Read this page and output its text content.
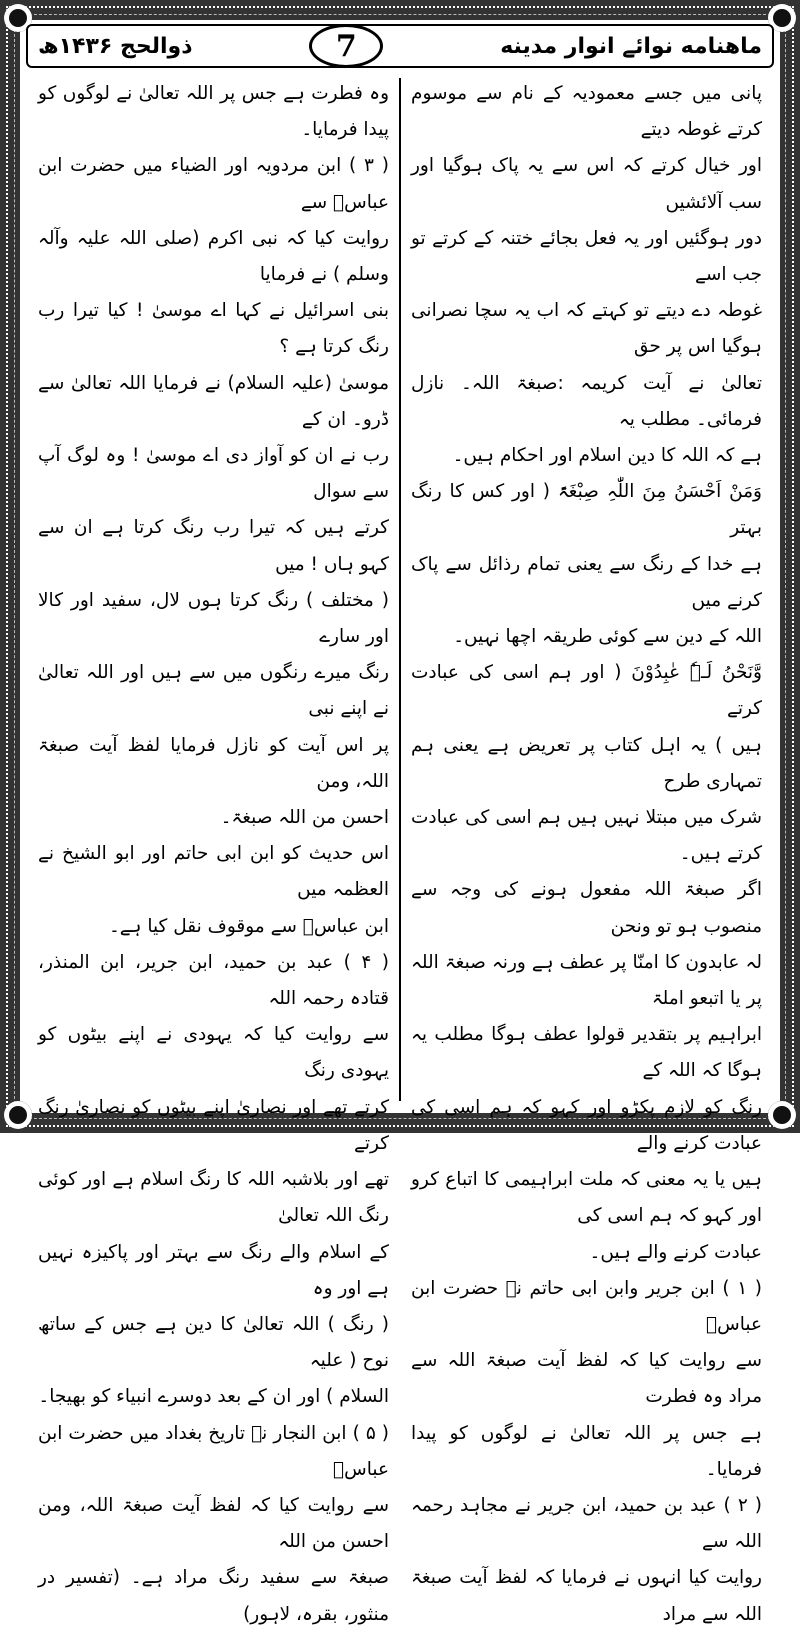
ذوالحج ۱۴۳۶ھ	7	ماهنامه نوائے انوار مدینه

وہ فطرت ہے جس پر اللہ تعالیٰ نے لوگوں کو پیدا فرمایا۔

( ۳ ) ابن مردویہ اور الضیاء میں حضرت ابن عباسؓ سے

روایت کیا کہ نبی اکرم (صلی اللہ علیہ وآلہ وسلم ) نے فرمایا

بنی اسرائیل نے کہا اے موسیٰ ! کیا تیرا رب رنگ کرتا ہے ؟

موسیٰ (علیہ السلام) نے فرمایا اللہ تعالیٰ سے ڈرو۔ ان کے

رب نے ان کو آواز دی اے موسیٰ ! وہ لوگ آپ سے سوال

کرتے ہیں کہ تیرا رب رنگ کرتا ہے ان سے کہو ہاں ! میں

( مختلف ) رنگ کرتا ہوں لال، سفید اور کالا اور سارے

رنگ میرے رنگوں میں سے ہیں اور اللہ تعالیٰ نے اپنے نبی

پر اس آیت کو نازل فرمایا لفظ آیت صبغۃ اللہ، ومن

احسن من اللہ صبغۃ۔

اس حدیث کو ابن ابی حاتم اور ابو الشیخ نے العظمہ میں

ابن عباسؓ سے موقوف نقل کیا ہے۔

( ۴ ) عبد بن حمید، ابن جریر، ابن المنذر، قتادہ رحمہ اللہ

سے روایت کیا کہ یہودی نے اپنے بیٹوں کو یہودی رنگ

کرتے تھے اور نصاریٰ اپنے بیٹوں کو نصاریٰ رنگ کرتے

تھے اور بلاشبہ اللہ کا رنگ اسلام ہے اور کوئی رنگ اللہ تعالیٰ

کے اسلام والے رنگ سے بہتر اور پاکیزہ نہیں ہے اور وہ

( رنگ ) اللہ تعالیٰ کا دین ہے جس کے ساتھ نوح ( علیہ

السلام ) اور ان کے بعد دوسرے انبیاء کو بھیجا۔

( ۵ ) ابن النجار نے تاریخ بغداد میں حضرت ابن عباسؓ

سے روایت کیا کہ لفظ آیت صبغۃ اللہ، ومن احسن من اللہ

صبغۃ سے سفید رنگ مراد ہے۔ (تفسیر در منثور، بقرہ، لاہور)

پانی میں جسے معمودیہ کے نام سے موسوم کرتے غوطہ دیتے

اور خیال کرتے کہ اس سے یہ پاک ہوگیا اور سب آلائشیں

دور ہوگئیں اور یہ فعل بجائے ختنہ کے کرتے تو جب اسے

غوطہ دے دیتے تو کہتے کہ اب یہ سچا نصرانی ہوگیا اس پر حق

تعالیٰ نے آیت کریمہ :صبغۃ اللہ۔ نازل فرمائی۔ مطلب یہ

ہے کہ اللہ کا دین اسلام اور احکام ہیں۔

وَمَنْ اَحْسَنُ مِنَ اللّٰہِ صِبْغَۃً ( اور کس کا رنگ بہتر

ہے خدا کے رنگ سے یعنی تمام رذائل سے پاک کرنے میں

اللہ کے دین سے کوئی طریقہ اچھا نہیں۔

وَّنَحْنُ لَـہٗ عٰبِدُوْنَ ( اور ہم اسی کی عبادت کرتے

ہیں ) یہ اہل کتاب پر تعریض ہے یعنی ہم تمہاری طرح

شرک میں مبتلا نہیں ہیں ہم اسی کی عبادت کرتے ہیں۔

اگر صبغۃ اللہ مفعول ہونے کی وجہ سے منصوب ہو تو ونحن

لہ عابدون کا امنّا پر عطف ہے ورنہ صبغۃ اللہ پر یا اتبعو املۃ

ابراہیم پر بتقدیر قولوا عطف ہوگا مطلب یہ ہوگا کہ اللہ کے

رنگ کو لازم پکڑو اور کہو کہ ہم اسی کی عبادت کرنے والے

ہیں یا یہ معنی کہ ملت ابراہیمی کا اتباع کرو اور کہو کہ ہم اسی کی

عبادت کرنے والے ہیں۔

( ۱ ) ابن جریر وابن ابی حاتم نے حضرت ابن عباسؓ

سے روایت کیا کہ لفظ آیت صبغۃ اللہ سے مراد وہ فطرت

ہے جس پر اللہ تعالیٰ نے لوگوں کو پیدا فرمایا۔

( ۲ ) عبد بن حمید، ابن جریر نے مجاہد رحمہ اللہ سے

روایت کیا انہوں نے فرمایا کہ لفظ آیت صبغۃ اللہ سے مراد
